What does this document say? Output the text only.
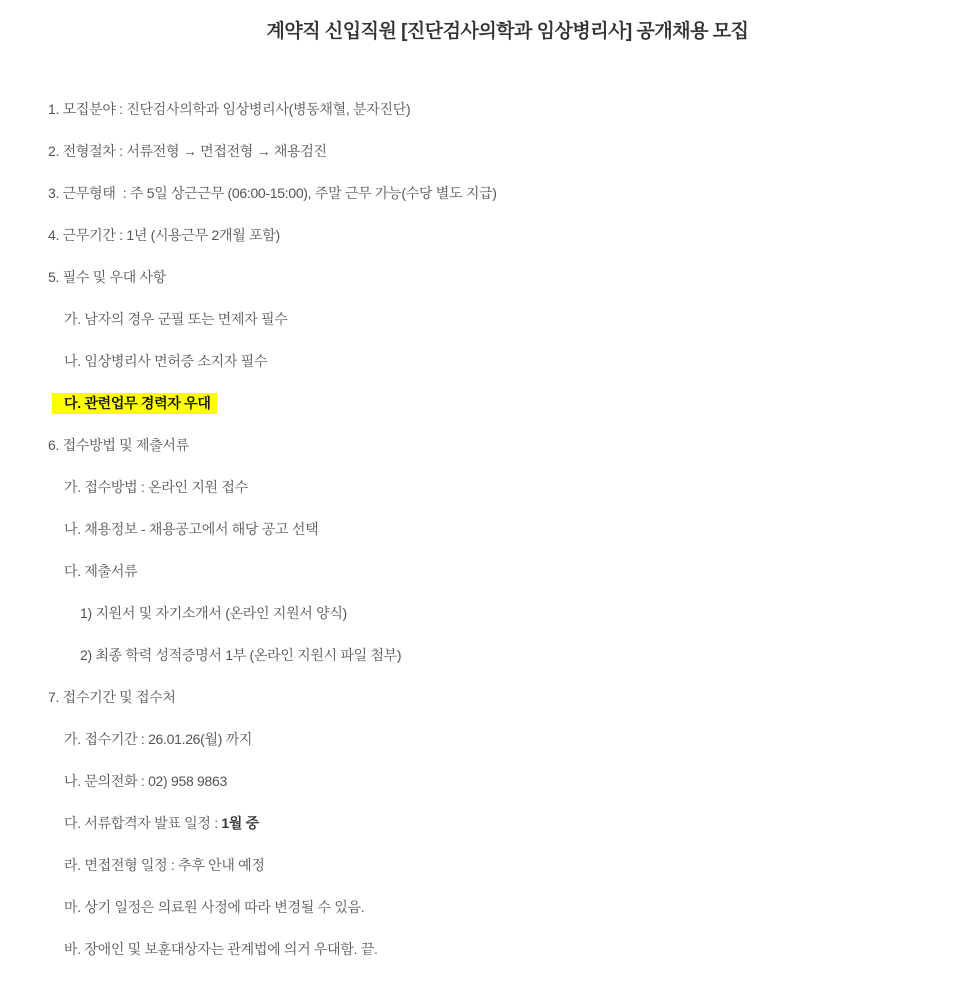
계약직 신입직원 [진단검사의학과 임상병리사] 공개채용 모집
1. 모집분야 : 진단검사의학과 임상병리사(병동채혈, 분자진단)
2. 전형절차 : 서류전형 → 면접전형 → 채용검진
3. 근무형태  : 주 5일 상근근무 (06:00-15:00), 주말 근무 가능(수당 별도 지급)
4. 근무기간 : 1년 (시용근무 2개월 포함)
5. 필수 및 우대 사항
가. 남자의 경우 군필 또는 면제자 필수
나. 임상병리사 면허증 소지자 필수
다. 관련업무 경력자 우대
6. 접수방법 및 제출서류
가. 접수방법 : 온라인 지원 접수
나. 채용정보 - 채용공고에서 해당 공고 선택
다. 제출서류
1) 지원서 및 자기소개서 (온라인 지원서 양식)
2) 최종 학력 성적증명서 1부 (온라인 지원시 파일 첨부)
7. 접수기간 및 접수처
가. 접수기간 : 26.01.26(월) 까지
나. 문의전화 : 02) 958 9863
다. 서류합격자 발표 일정 : 1월 중
라. 면접전형 일정 : 추후 안내 예정
마. 상기 일정은 의료원 사정에 따라 변경될 수 있음.
바. 장애인 및 보훈대상자는 관계법에 의거 우대함. 끝.
